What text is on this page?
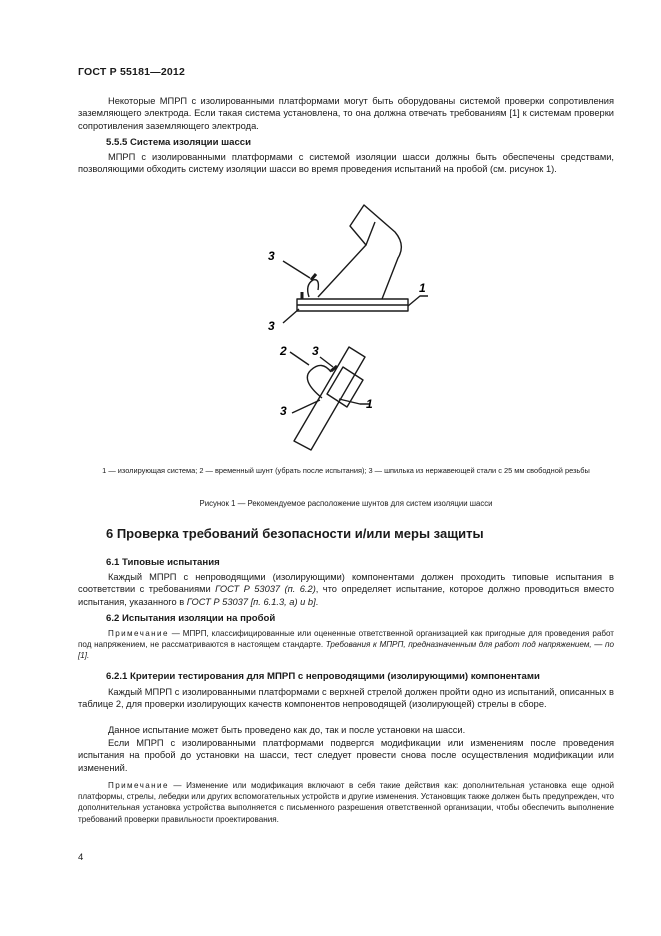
ГОСТ Р 55181—2012
Некоторые МПРП с изолированными платформами могут быть оборудованы системой проверки сопротивления заземляющего электрода. Если такая система установлена, то она должна отвечать требованиям [1] к системам проверки сопротивления заземляющего электрода.
5.5.5 Система изоляции шасси
МПРП с изолированными платформами с системой изоляции шасси должны быть обеспечены средствами, позволяющими обходить систему изоляции шасси во время проведения испытаний на пробой (см. рисунок 1).
3
1
3
2 3
3	1
1 — изолирующая система; 2 — временный шунт (убрать после испытания); 3 — шпилька из нержавеющей стали с 25 мм свободной резьбы
Рисунок 1 — Рекомендуемое расположение шунтов для систем изоляции шасси
6 Проверка требований безопасности и/или меры защиты
6.1 Типовые испытания
Каждый МПРП с непроводящими (изолирующими) компонентами должен проходить типовые испытания в соответствии с требованиями ГОСТ Р 53037 (п. 6.2), что определяет испытание, которое должно проводиться вместо испытания, указанного в ГОСТ Р 53037 [п. 6.1.3, а) и b].
6.2 Испытания изоляции на пробой
Примечание — МПРП, классифицированные или оцененные ответственной организацией как пригодные для проведения работ под напряжением, не рассматриваются в настоящем стандарте. Требования к МПРП, предназначенным для работ под напряжением, — по [1].
6.2.1 Критерии тестирования для МПРП с непроводящими (изолирующими) компонентами
Каждый МПРП с изолированными платформами с верхней стрелой должен пройти одно из испытаний, описанных в таблице 2, для проверки изолирующих качеств компонентов непроводящей (изолирующей) стрелы в сборе.
Данное испытание может быть проведено как до, так и после установки на шасси.
Если МПРП с изолированными платформами подвергся модификации или изменениям после проведения испытания на пробой до установки на шасси, тест следует провести снова после осуществления модификации или изменений.
Примечание — Изменение или модификация включают в себя такие действия как: дополнительная установка еще одной платформы, стрелы, лебедки или других вспомогательных устройств и другие изменения. Установщик также должен быть предупрежден, что дополнительная установка устройства выполняется с письменного разрешения ответственной организации, чтобы обеспечить выполнение требований проверки правильности проектирования.
4
